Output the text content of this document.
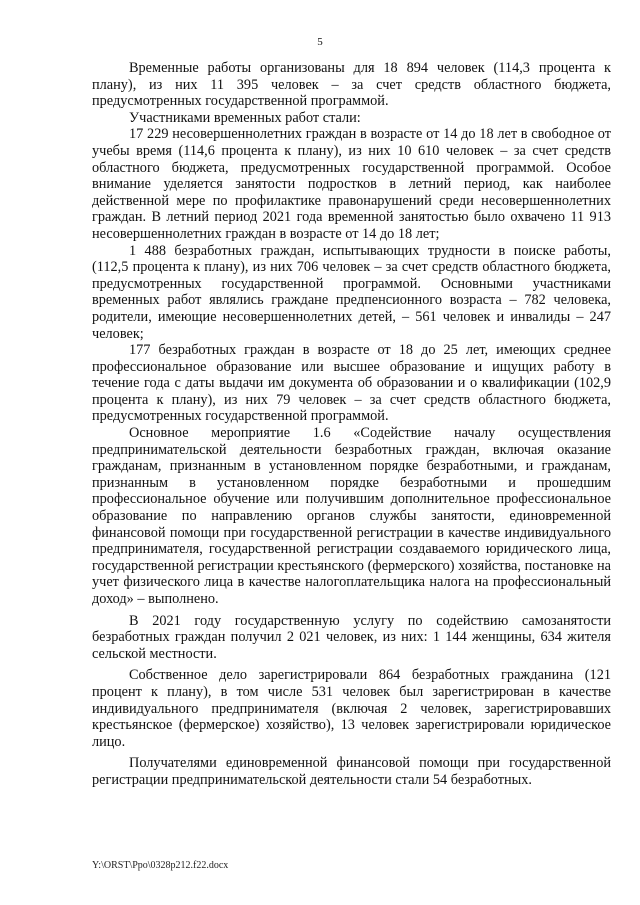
5

Временные работы организованы для 18 894 человек (114,3 процента к плану), из них 11 395 человек – за счет средств областного бюджета, предусмотренных государственной программой.

Участниками временных работ стали:

17 229 несовершеннолетних граждан в возрасте от 14 до 18 лет в свободное от учебы время (114,6 процента к плану), из них 10 610 человек – за счет средств областного бюджета, предусмотренных государственной программой. Особое внимание уделяется занятости подростков в летний период, как наиболее действенной мере по профилактике правонарушений среди несовершеннолетних граждан. В летний период 2021 года временной занятостью было охвачено 11 913 несовершеннолетних граждан в возрасте от 14 до 18 лет;

1 488 безработных граждан, испытывающих трудности в поиске работы, (112,5 процента к плану), из них 706 человек – за счет средств областного бюджета, предусмотренных государственной программой. Основными участниками временных работ являлись граждане предпенсионного возраста – 782 человека, родители, имеющие несовершеннолетних детей, – 561 человек и инвалиды – 247 человек;

177 безработных граждан в возрасте от 18 до 25 лет, имеющих среднее профессиональное образование или высшее образование и ищущих работу в течение года с даты выдачи им документа об образовании и о квалификации (102,9 процента к плану), из них 79 человек – за счет средств областного бюджета, предусмотренных государственной программой.

Основное мероприятие 1.6 «Содействие началу осуществления предпринимательской деятельности безработных граждан, включая оказание гражданам, признанным в установленном порядке безработными, и гражданам, признанным в установленном порядке безработными и прошедшим профессиональное обучение или получившим дополнительное профессиональное образование по направлению органов службы занятости, единовременной финансовой помощи при государственной регистрации в качестве индивидуального предпринимателя, государственной регистрации создаваемого юридического лица, государственной регистрации крестьянского (фермерского) хозяйства, постановке на учет физического лица в качестве налогоплательщика налога на профессиональный доход» – выполнено.

В 2021 году государственную услугу по содействию самозанятости безработных граждан получил 2 021 человек, из них: 1 144 женщины, 634 жителя сельской местности.

Собственное дело зарегистрировали 864 безработных гражданина (121 процент к плану), в том числе 531 человек был зарегистрирован в качестве индивидуального предпринимателя (включая 2 человек, зарегистрировавших крестьянское (фермерское) хозяйство), 13 человек зарегистрировали юридическое лицо.

Получателями единовременной финансовой помощи при государственной регистрации предпринимательской деятельности стали 54 безработных.

Y:\ORST\Ppo\0328p212.f22.docx
